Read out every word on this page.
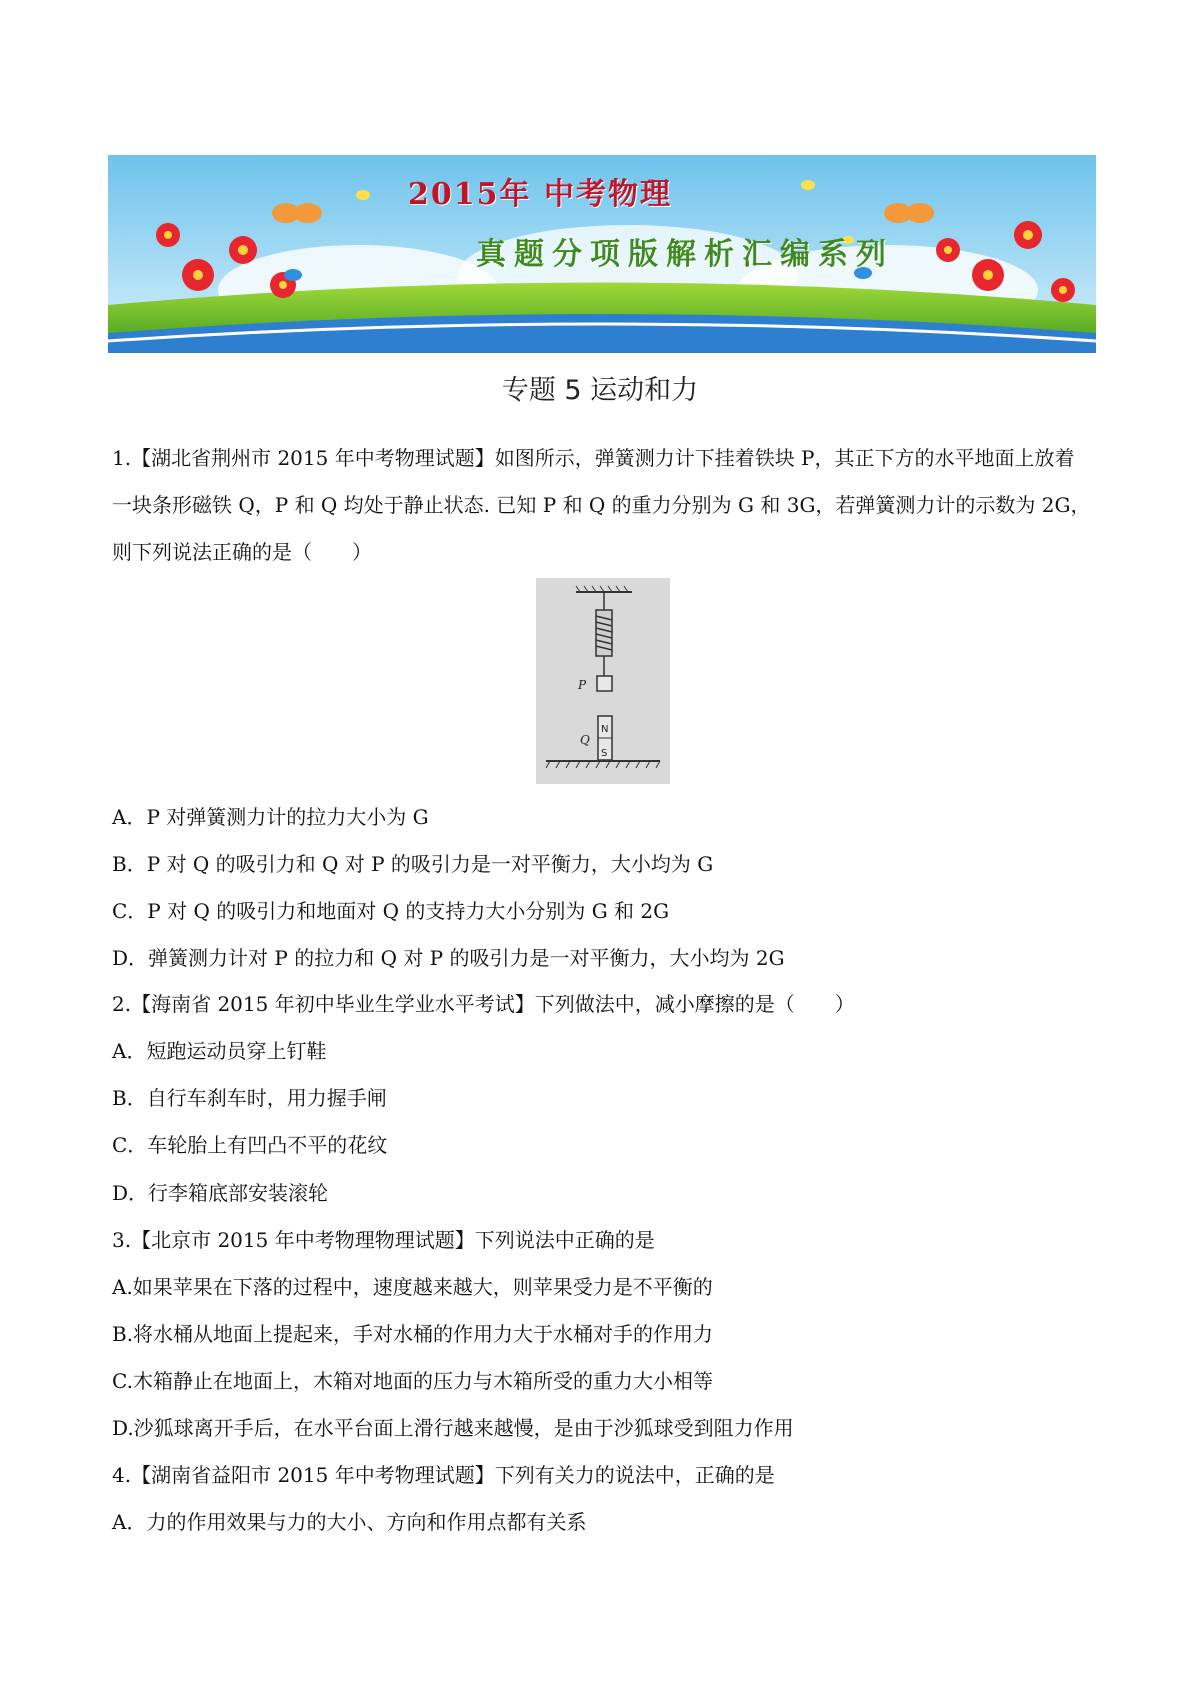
2015年 中考物理
真题分项版解析汇编系列
专题 5 运动和力
1.【湖北省荆州市 2015 年中考物理试题】如图所示，弹簧测力计下挂着铁块 P，其正下方的水平地面上放着
一块条形磁铁 Q，P 和 Q 均处于静止状态. 已知 P 和 Q 的重力分别为 G 和 3G，若弹簧测力计的示数为 2G，
则下列说法正确的是（　　）
P
N
S
Q
A．P 对弹簧测力计的拉力大小为 G
B．P 对 Q 的吸引力和 Q 对 P 的吸引力是一对平衡力，大小均为 G
C．P 对 Q 的吸引力和地面对 Q 的支持力大小分别为 G 和 2G
D．弹簧测力计对 P 的拉力和 Q 对 P 的吸引力是一对平衡力，大小均为 2G
2.【海南省 2015 年初中毕业生学业水平考试】下列做法中，减小摩擦的是（　　）
A．短跑运动员穿上钉鞋
B．自行车刹车时，用力握手闸
C．车轮胎上有凹凸不平的花纹
D．行李箱底部安装滚轮
3.【北京市 2015 年中考物理物理试题】下列说法中正确的是
A.如果苹果在下落的过程中，速度越来越大，则苹果受力是不平衡的
B.将水桶从地面上提起来，手对水桶的作用力大于水桶对手的作用力
C.木箱静止在地面上，木箱对地面的压力与木箱所受的重力大小相等
D.沙狐球离开手后，在水平台面上滑行越来越慢，是由于沙狐球受到阻力作用
4.【湖南省益阳市 2015 年中考物理试题】下列有关力的说法中，正确的是
A．力的作用效果与力的大小、方向和作用点都有关系
